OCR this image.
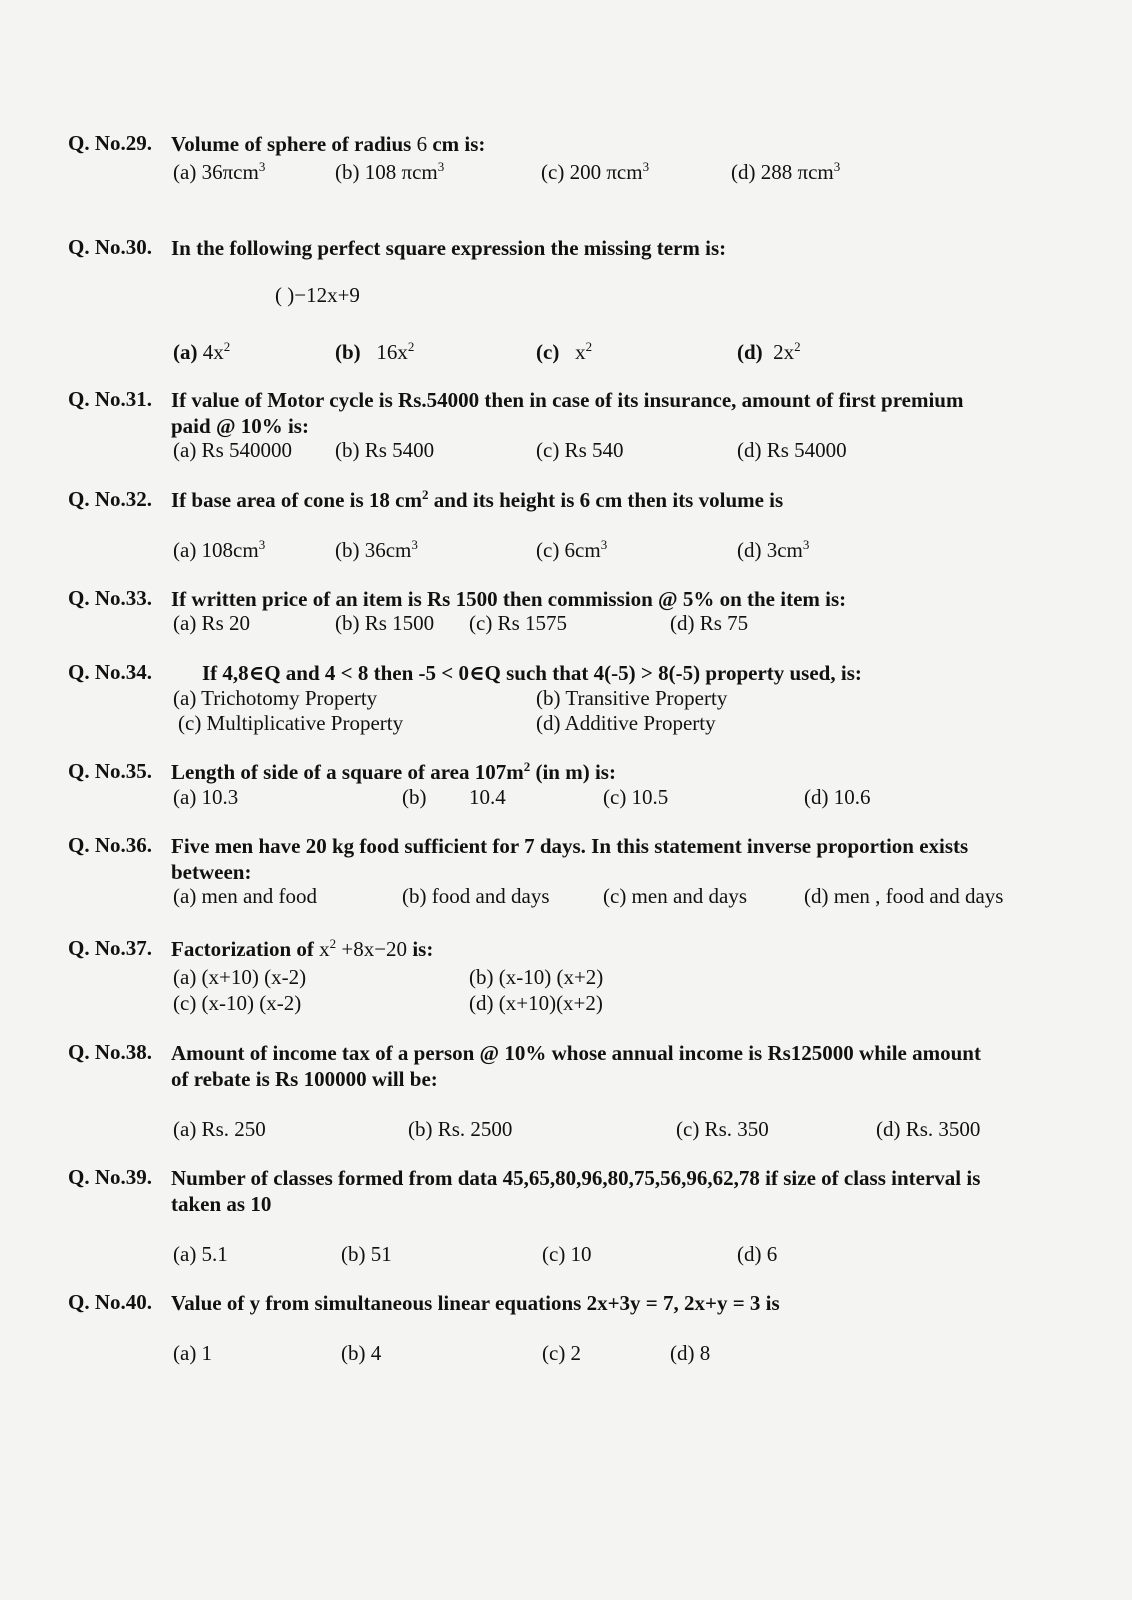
Q. No.29. Volume of sphere of radius 6 cm is:
(a) 36πcm$^3$	(b) 108 πcm$^3$	(c) 200 πcm$^3$	(d) 288 πcm$^3$
Q. No.30. In the following perfect square expression the missing term is:
( )−12x+9
(a) $4x^2$	(b) $16x^2$	(c) $x^2$	(d) $2x^2$
Q. No.31. If value of Motor cycle is Rs.54000 then in case of its insurance, amount of first premium
paid @ 10% is:
(a) Rs 540000 (b) Rs 5400	(c) Rs 540	(d) Rs 54000
Q. No.32. If base area of cone is 18 $cm^2$ and its height is 6 cm then its volume is
(a) $108cm^3$	(b) $36cm^3$	(c) $6cm^3$	(d) $3cm^3$
Q. No.33. If written price of an item is Rs 1500 then commission @ 5% on the item is:
(a) Rs 20	(b) Rs 1500 (c) Rs 1575	(d) Rs 75
Q. No.34. If 4,8∈Q and 4 < 8 then -5 < 0∈Q such that 4(-5) > 8(-5) property used, is:
(a) Trichotomy Property	(b) Transitive Property
(c) Multiplicative Property	(d) Additive Property
Q. No.35. Length of side of a square of area $107m^2$ (in m) is:
(a) 10.3	(b) 10.4	(c) 10.5	(d) 10.6
Q. No.36. Five men have 20 kg food sufficient for 7 days. In this statement inverse proportion exists
between:
(a) men and food	(b) food and days	(c) men and days	(d) men , food and days
Q. No.37. Factorization of $x^2 +8x-20$ is:
(a) (x+10) (x-2)	(b) (x-10) (x+2)
(c) (x-10) (x-2)	(d) (x+10)(x+2)
Q. No.38. Amount of income tax of a person @ 10% whose annual income is Rs125000 while amount
of rebate is Rs 100000 will be:
(a) Rs. 250	(b) Rs. 2500	(c) Rs. 350	(d) Rs. 3500
Q. No.39. Number of classes formed from data 45,65,80,96,80,75,56,96,62,78 if size of class interval is
taken as 10
(a) 5.1	(b) 51	(c) 10	(d) 6
Q. No.40. Value of y from simultaneous linear equations 2x+3y = 7, 2x+y = 3 is
(a) 1	(b) 4	(c) 2	(d) 8
